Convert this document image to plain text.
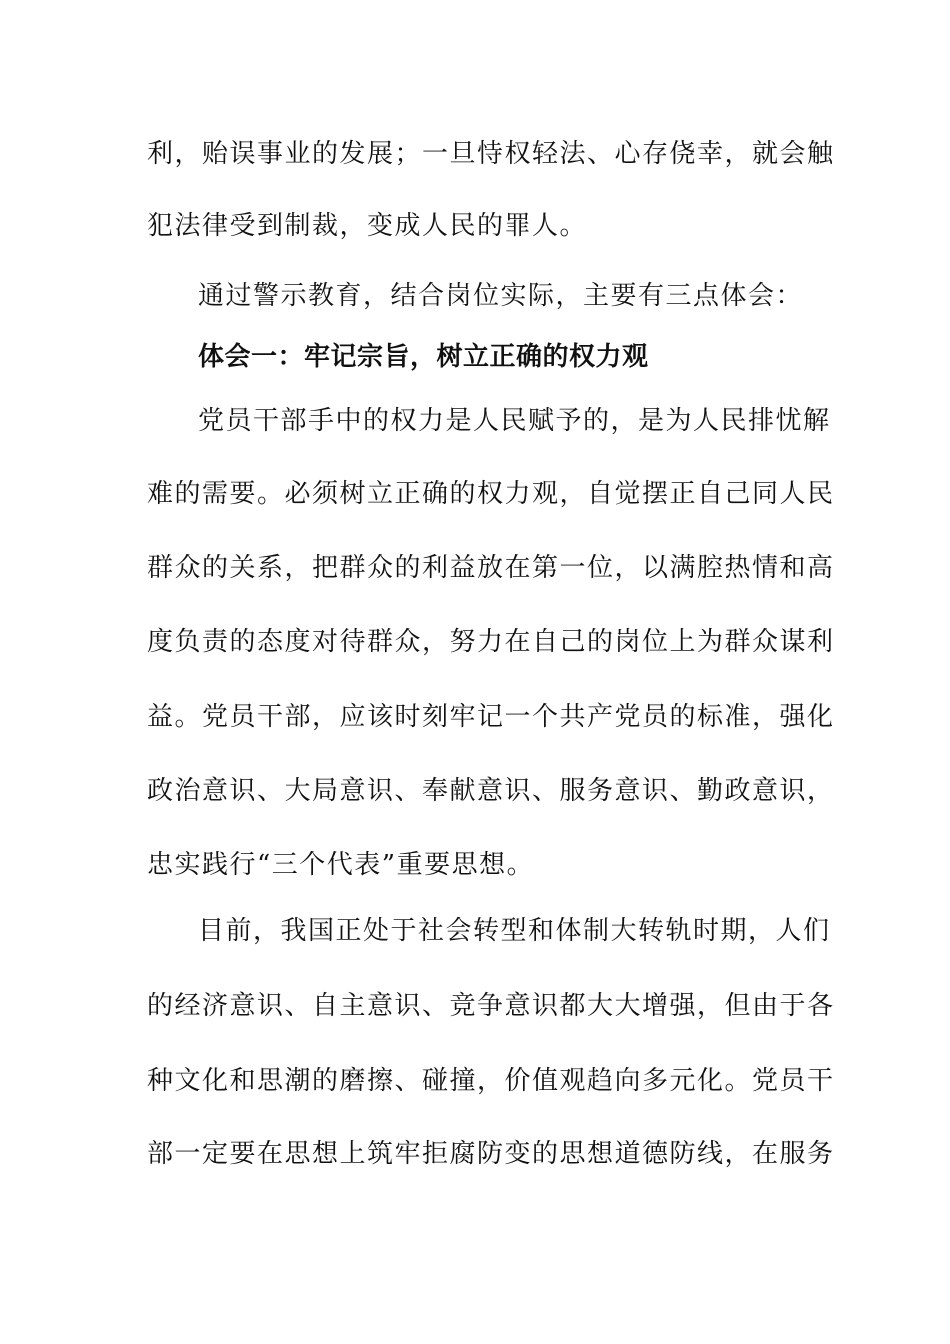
利，贻误事业的发展；一旦恃权轻法、心存侥幸，就会触
犯法律受到制裁，变成人民的罪人。
通过警示教育，结合岗位实际，主要有三点体会：
体会一：牢记宗旨，树立正确的权力观
党员干部手中的权力是人民赋予的，是为人民排忧解
难的需要。必须树立正确的权力观，自觉摆正自己同人民
群众的关系，把群众的利益放在第一位，以满腔热情和高
度负责的态度对待群众，努力在自己的岗位上为群众谋利
益。党员干部，应该时刻牢记一个共产党员的标准，强化
政治意识、大局意识、奉献意识、服务意识、勤政意识，
忠实践行“三个代表”重要思想。
目前，我国正处于社会转型和体制大转轨时期，人们
的经济意识、自主意识、竞争意识都大大增强，但由于各
种文化和思潮的磨擦、碰撞，价值观趋向多元化。党员干
部一定要在思想上筑牢拒腐防变的思想道德防线，在服务
